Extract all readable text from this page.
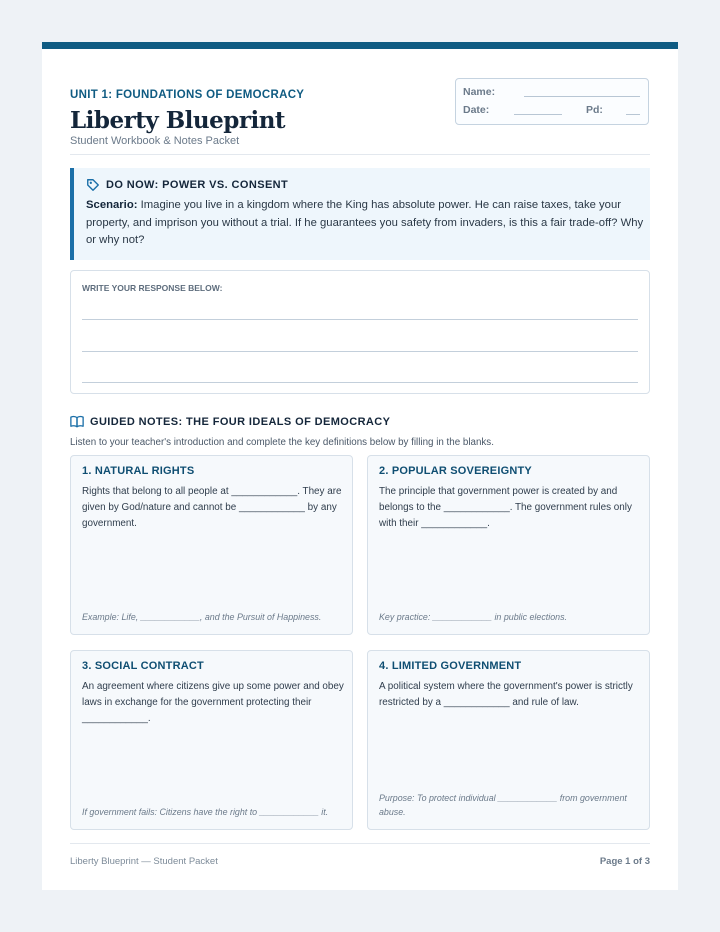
UNIT 1: FOUNDATIONS OF DEMOCRACY
Liberty Blueprint
Student Workbook & Notes Packet
Name:
Date:	Pd:
DO NOW: POWER VS. CONSENT
Scenario: Imagine you live in a kingdom where the King has absolute power. He can raise taxes, take your property, and imprison you without a trial. If he guarantees you safety from invaders, is this a fair trade-off? Why or why not?
WRITE YOUR RESPONSE BELOW:
GUIDED NOTES: THE FOUR IDEALS OF DEMOCRACY
Listen to your teacher's introduction and complete the key definitions below by filling in the blanks.
1. NATURAL RIGHTS
Rights that belong to all people at ____________. They are given by God/nature and cannot be ____________ by any government.
Example: Life, ____________, and the Pursuit of Happiness.
2. POPULAR SOVEREIGNTY
The principle that government power is created by and belongs to the ____________. The government rules only with their ____________.
Key practice: ____________ in public elections.
3. SOCIAL CONTRACT
An agreement where citizens give up some power and obey laws in exchange for the government protecting their ____________.
If government fails: Citizens have the right to ____________ it.
4. LIMITED GOVERNMENT
A political system where the government's power is strictly restricted by a ____________ and rule of law.
Purpose: To protect individual ____________ from government abuse.
Liberty Blueprint — Student Packet	Page 1 of 3
